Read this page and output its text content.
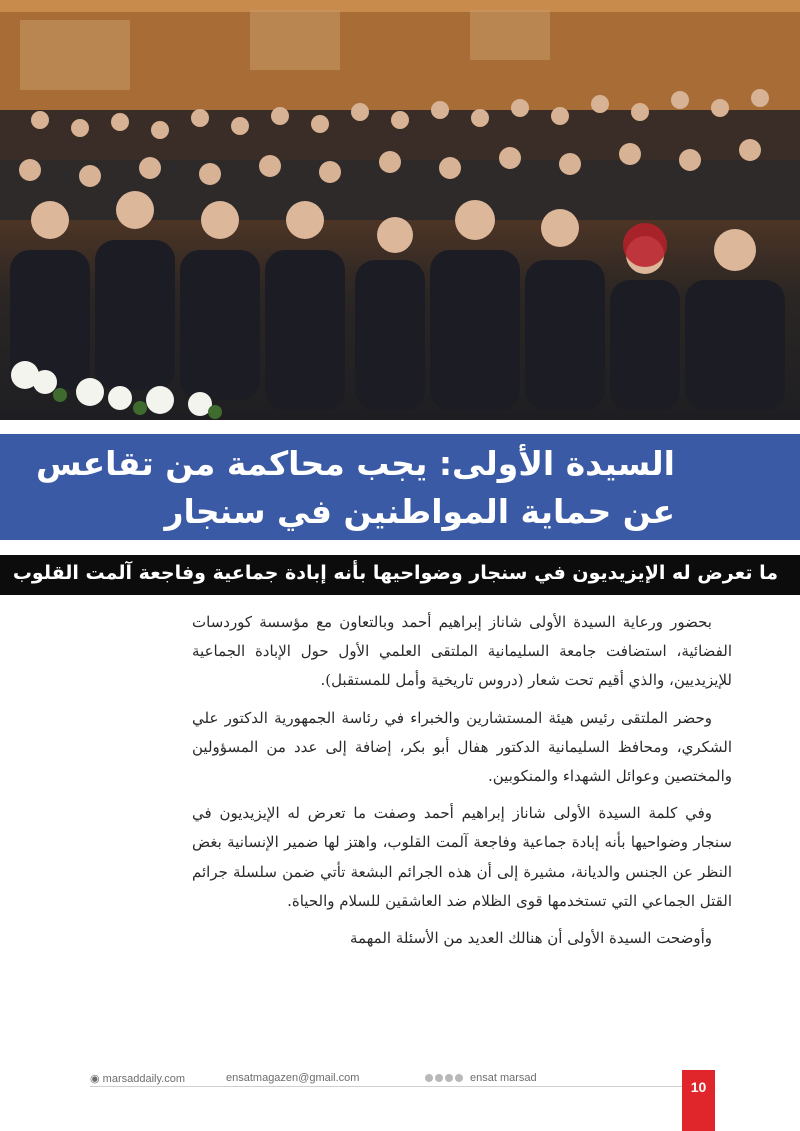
السيدة الأولى: يجب محاكمة من تقاعس
عن حماية المواطنين في سنجار
ما تعرض له الإيزيديون في سنجار وضواحيها بأنه إبادة جماعية وفاجعة آلمت القلوب

بحضور ورعاية السيدة الأولى شاناز إبراهيم أحمد وبالتعاون مع مؤسسة كوردسات الفضائية، استضافت جامعة السليمانية الملتقى العلمي الأول حول الإبادة الجماعية للإيزيديين، والذي أقيم تحت شعار (دروس تاريخية وأمل للمستقبل).

وحضر الملتقى رئيس هيئة المستشارين والخبراء في رئاسة الجمهورية الدكتور علي الشكري، ومحافظ السليمانية الدكتور هفال أبو بكر، إضافة إلى عدد من المسؤولين والمختصين وعوائل الشهداء والمنكوبين.

وفي كلمة السيدة الأولى شاناز إبراهيم أحمد وصفت ما تعرض له الإيزيديون في سنجار وضواحيها بأنه إبادة جماعية وفاجعة آلمت القلوب، واهتز لها ضمير الإنسانية بغض النظر عن الجنس والديانة، مشيرة إلى أن هذه الجرائم البشعة تأتي ضمن سلسلة جرائم القتل الجماعي التي تستخدمها قوى الظلام ضد العاشقين للسلام والحياة.

وأوضحت السيدة الأولى أن هنالك العديد من الأسئلة المهمة

◉ marsaddaily.com	ensatmagazen@gmail.com	ensat marsad
10
